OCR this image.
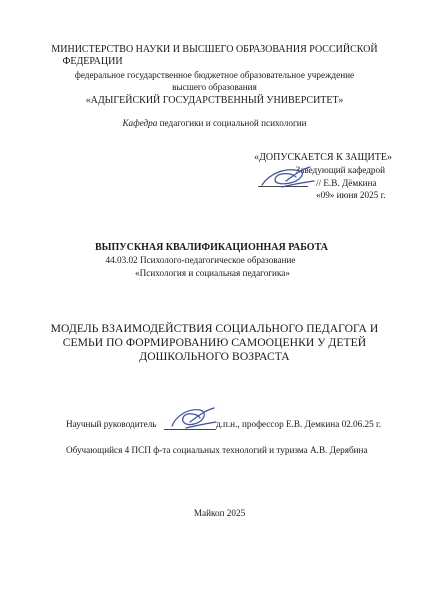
МИНИСТЕРСТВО НАУКИ И ВЫСШЕГО ОБРАЗОВАНИЯ РОССИЙСКОЙ
ФЕДЕРАЦИИ
федеральное государственное бюджетное образовательное учреждение
высшего образования
«АДЫГЕЙСКИЙ ГОСУДАРСТВЕННЫЙ УНИВЕРСИТЕТ»
Кафедра педагогики и социальной психологии
«ДОПУСКАЕТСЯ К ЗАЩИТЕ»
Заведующий кафедрой
// Е.В. Дёмкина
«09» июня 2025 г.
ВЫПУСКНАЯ КВАЛИФИКАЦИОННАЯ РАБОТА
44.03.02 Психолого-педагогическое образование
«Психология и социальная педагогика»
МОДЕЛЬ ВЗАИМОДЕЙСТВИЯ СОЦИАЛЬНОГО ПЕДАГОГА И
СЕМЬИ ПО ФОРМИРОВАНИЮ САМООЦЕНКИ У ДЕТЕЙ
ДОШКОЛЬНОГО ВОЗРАСТА
Научный руководитель	д.п.н., профессор Е.В. Демкина 02.06.25 г.
Обучающийся 4 ПСП ф-та социальных технологий и туризма А.В. Дерябина
Майкоп 2025
